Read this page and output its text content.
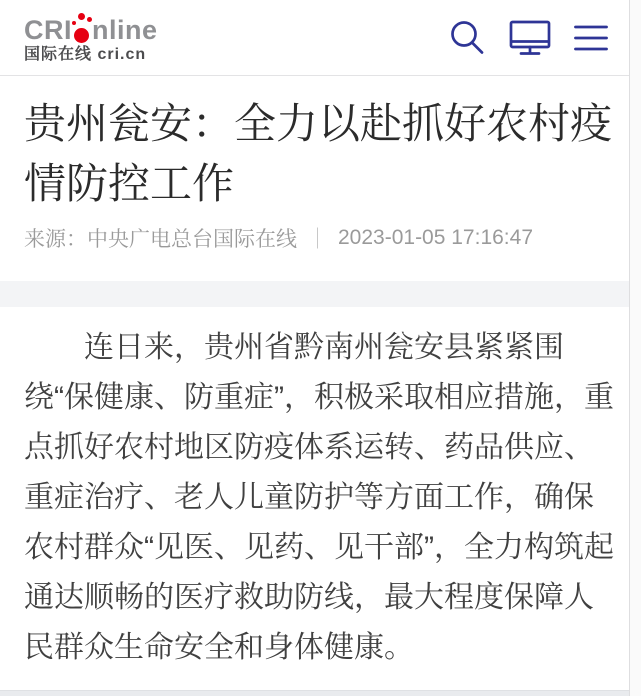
CRI nline
国际在线 cri.cn
贵州瓮安：全力以赴抓好农村疫情防控工作
来源：中央广电总台国际在线 ｜ 2023-01-05 17:16:47

连日来，贵州省黔南州瓮安县紧紧围绕“保健康、防重症”，积极采取相应措施，重点抓好农村地区防疫体系运转、药品供应、重症治疗、老人儿童防护等方面工作，确保农村群众“见医、见药、见干部”，全力构筑起通达顺畅的医疗救助防线，最大程度保障人民群众生命安全和身体健康。
